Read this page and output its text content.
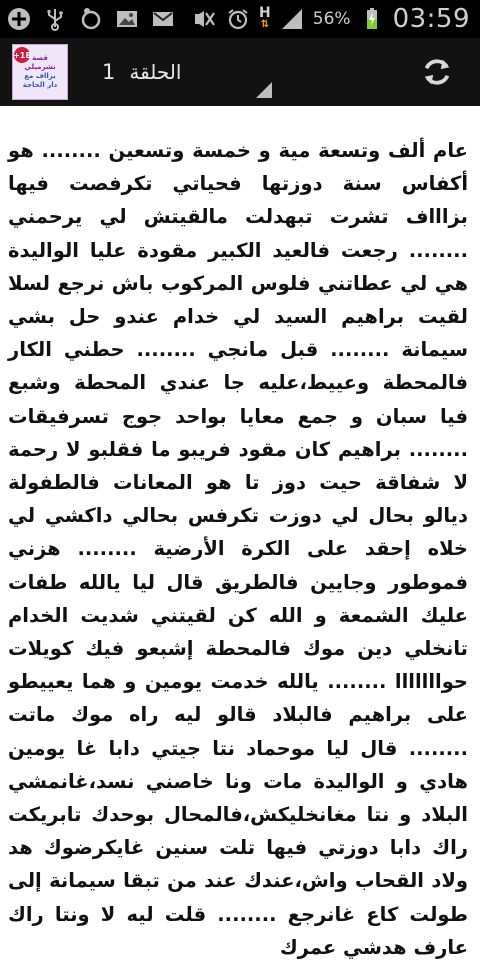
H
⇅	56% 03:59
+18 قصة
تشرميلي
بزااف مع
دار الحاجة
1 الحلقة

عام ألف وتسعة مية و خمسة وتسعين ........ هو أكفاس سنة دوزتها فحياتي تكرفصت فيها بزاااف تشرت تبهدلت مالقيتش لي يرحمني ........ رجعت فالعيد الكبير مقودة عليا الواليدة هي لي عطاتني فلوس المركوب باش نرجع لسلا لقيت براهيم السيد لي خدام عندو حل بشي سيمانة ........ قبل مانجي ........ حطني الكار فالمحطة وعييط،عليه جا عندي المحطة وشبع فيا سبان و جمع معايا بواحد جوج تسرفيقات ........ براهيم كان مقود فريبو ما فقلبو لا رحمة لا شفاقة حيت دوز تا هو المعانات فالطفولة ديالو بحال لي دوزت تكرفس بحالي داكشي لي خلاه إحقد على الكرة الأرضية ........ هزني فموطور وجايين فالطريق قال ليا يالله طفات عليك الشمعة و الله كن لقيتني شديت الخدام تانخلي دين موك فالمحطة إشبعو فيك كويلات حوااااااا ........ يالله خدمت يومين و هما يعييطو على براهيم فالبلاد قالو ليه راه موك ماتت ........ قال ليا موحماد نتا جيتي دابا غا يومين هادي و الواليدة مات ونا خاصني نسد،غانمشي البلاد و نتا مغانخليكش،فالمحال بوحدك تابريكت راك دابا دوزتي فيها تلت سنين غايكرضوك هد ولاد القحاب واش،عندك عند من تبقا سيمانة إلى طولت كاع غانرجع ........ قلت ليه لا ونتا راك عارف هدشي عمرك
